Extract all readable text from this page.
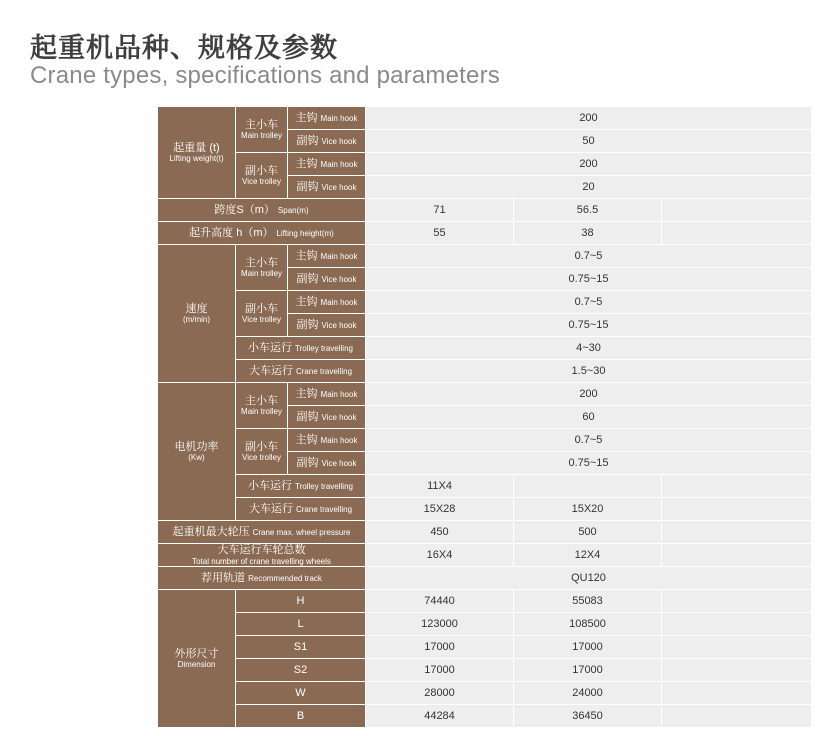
起重机品种、规格及参数
Crane types, specifications and parameters
起重量 (t)
Lifting weight(t)	主小车
Main trolley	主钩 Main hook	200		
		副钩 Vice hook	50		

	副小车
Vice trolley	主钩 Main hook	200		
		副钩 Vice hook	20		
跨度S（m） Span(m)			71	56.5	
起升高度 h（m） Lifting height(m)			55	38	

速度
(m/min)	主小车
Main trolley	主钩 Main hook	0.7~5		
		副钩 Vice hook	0.75~15		

	副小车
Vice trolley	主钩 Main hook	0.7~5		
		副钩 Vice hook	0.75~15		
	小车运行 Trolley travelling		4~30		
	大车运行 Crane travelling		1.5~30		

电机功率
(Kw)	主小车
Main trolley	主钩 Main hook	200		
		副钩 Vice hook	60		

	副小车
Vice trolley	主钩 Main hook	0.7~5		
		副钩 Vice hook	0.75~15		
	小车运行 Trolley travelling		11X4		
	大车运行 Crane travelling		15X28	15X20	
起重机最大轮压 Crane max. wheel pressure			450	500	

大车运行车轮总数
Total number of crane travelling wheels			16X4	12X4	
荐用轨道 Recommended track			QU120		

外形尺寸
Dimension	H		74440	55083	
	L		123000	108500	
	S1		17000	17000	
	S2		17000	17000	
	W		28000	24000	
	B		44284	36450	
